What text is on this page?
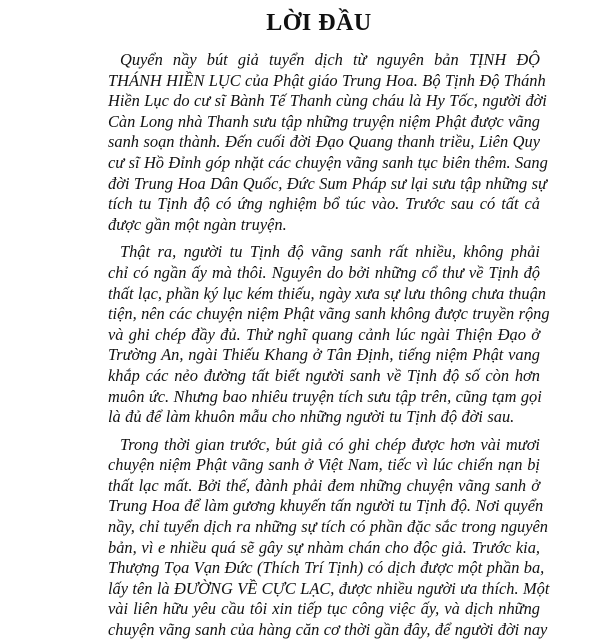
LỜI ĐẦU
Quyển nầy bút giả tuyển dịch từ nguyên bản TỊNH ĐỘ
THÁNH HIỀN LỤC của Phật giáo Trung Hoa. Bộ Tịnh Độ Thánh
Hiền Lục do cư sĩ Bành Tế Thanh cùng cháu là Hy Tốc, người đời
Càn Long nhà Thanh sưu tập những truyện niệm Phật được vãng
sanh soạn thành. Đến cuối đời Đạo Quang thanh triều, Liên Quy
cư sĩ Hồ Đỉnh góp nhặt các chuyện vãng sanh tục biên thêm. Sang
đời Trung Hoa Dân Quốc, Đức Sum Pháp sư lại sưu tập những sự
tích tu Tịnh độ có ứng nghiệm bổ túc vào. Trước sau có tất cả
được gần một ngàn truyện.
Thật ra, người tu Tịnh độ vãng sanh rất nhiều, không phải
chỉ có ngần ấy mà thôi. Nguyên do bởi những cổ thư về Tịnh độ
thất lạc, phần ký lục kém thiếu, ngày xưa sự lưu thông chưa thuận
tiện, nên các chuyện niệm Phật vãng sanh không được truyền rộng
và ghi chép đầy đủ. Thử nghĩ quang cảnh lúc ngài Thiện Đạo ở
Trường An, ngài Thiếu Khang ở Tân Định, tiếng niệm Phật vang
khắp các nẻo đường tất biết người sanh về Tịnh độ số còn hơn
muôn ức. Nhưng bao nhiêu truyện tích sưu tập trên, cũng tạm gọi
là đủ để làm khuôn mẫu cho những người tu Tịnh độ đời sau.
Trong thời gian trước, bút giả có ghi chép được hơn vài mươi
chuyện niệm Phật vãng sanh ở Việt Nam, tiếc vì lúc chiến nạn bị
thất lạc mất. Bởi thế, đành phải đem những chuyện vãng sanh ở
Trung Hoa để làm gương khuyến tấn người tu Tịnh độ. Nơi quyển
nầy, chỉ tuyển dịch ra những sự tích có phần đặc sắc trong nguyên
bản, vì e nhiều quá sẽ gây sự nhàm chán cho độc giả. Trước kia,
Thượng Tọa Vạn Đức (Thích Trí Tịnh) có dịch được một phần ba,
lấy tên là ĐƯỜNG VỀ CỰC LẠC, được nhiều người ưa thích. Một
vài liên hữu yêu cầu tôi xin tiếp tục công việc ấy, và dịch những
chuyện vãng sanh của hàng căn cơ thời gần đây, để người đời nay
